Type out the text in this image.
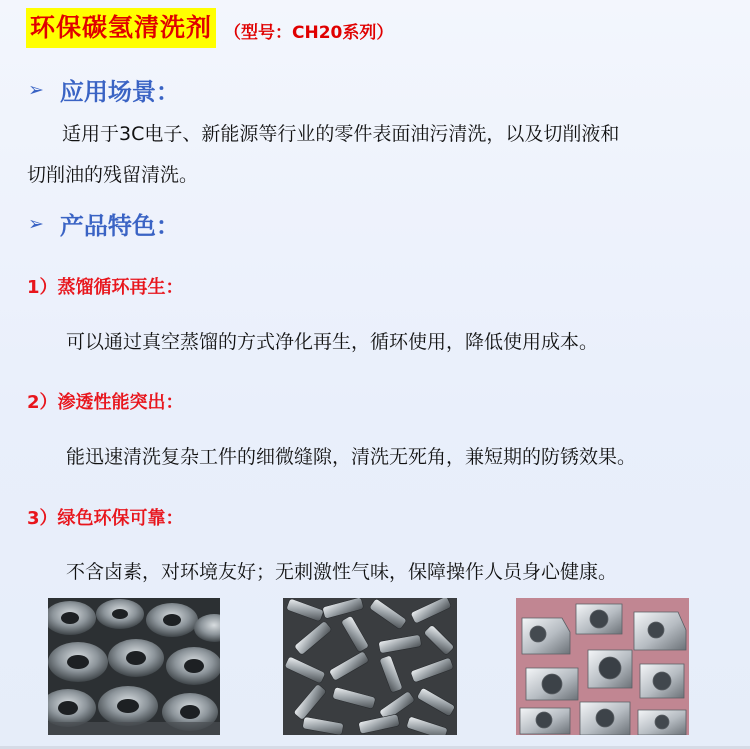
环保碳氢清洗剂 （型号：CH20系列）
➢ 应用场景：
适用于3C电子、新能源等行业的零件表面油污清洗，以及切削液和
切削油的残留清洗。
➢ 产品特色：
1）蒸馏循环再生：
可以通过真空蒸馏的方式净化再生，循环使用，降低使用成本。
2）渗透性能突出：
能迅速清洗复杂工件的细微缝隙，清洗无死角，兼短期的防锈效果。
3）绿色环保可靠：
不含卤素，对环境友好；无刺激性气味，保障操作人员身心健康。
